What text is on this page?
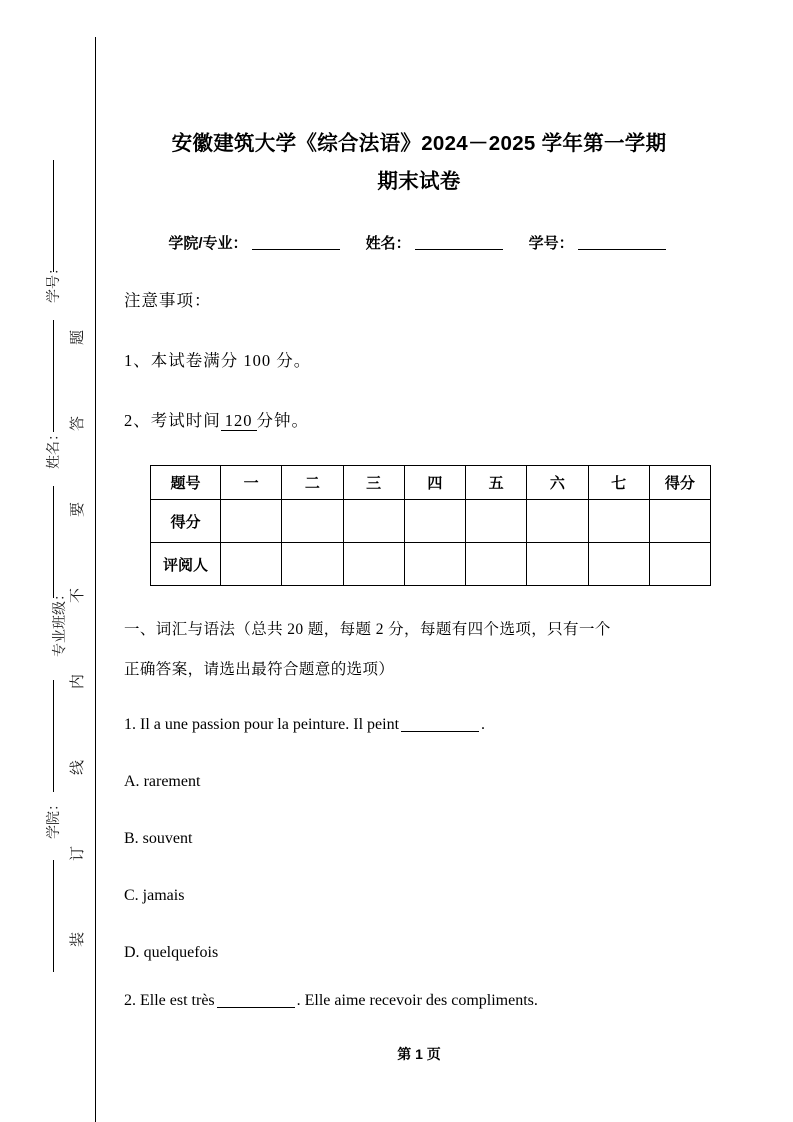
题
答
要
不
内
线
订
装
学号：
姓名：
专业班级：
学院：
安徽建筑大学《综合法语》2024－2025 学年第一学期
期末试卷
学院/专业：	姓名：	学号：
注意事项：
1、本试卷满分 100 分。
2、考试时间 120 分钟。
题号	一	二	三	四	五	六	七	得分
得分								
评阅人								
一、词汇与语法（总共 20 题，每题 2 分，每题有四个选项，只有一个
正确答案，请选出最符合题意的选项）
1. Il a une passion pour la peinture. Il peint	.
A. rarement
B. souvent
C. jamais
D. quelquefois
2. Elle est très	. Elle aime recevoir des compliments.
第 1 页
